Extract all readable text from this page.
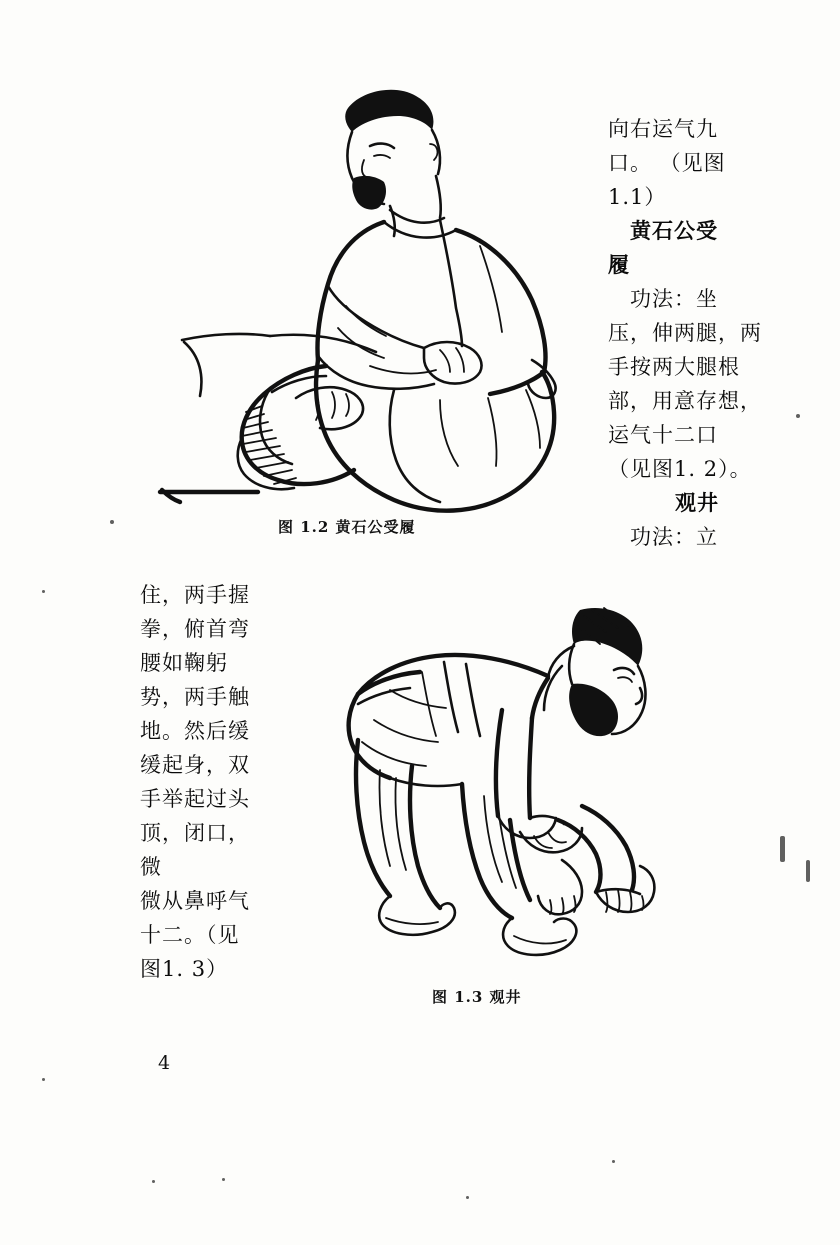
图 1.2 黄石公受履
图 1.3 观井

向右运气九

口。 （见图

1.1）

黄石公受

履

功法：坐

压，伸两腿，两

手按两大腿根

部，用意存想，

运气十二口

（见图1. 2）。

观井

功法：立

住，两手握

拳，俯首弯

腰如鞠躬

势，两手触

地。然后缓

缓起身，双

手举起过头

顶，闭口，微

微从鼻呼气

十二。（见

图1. 3）

4
